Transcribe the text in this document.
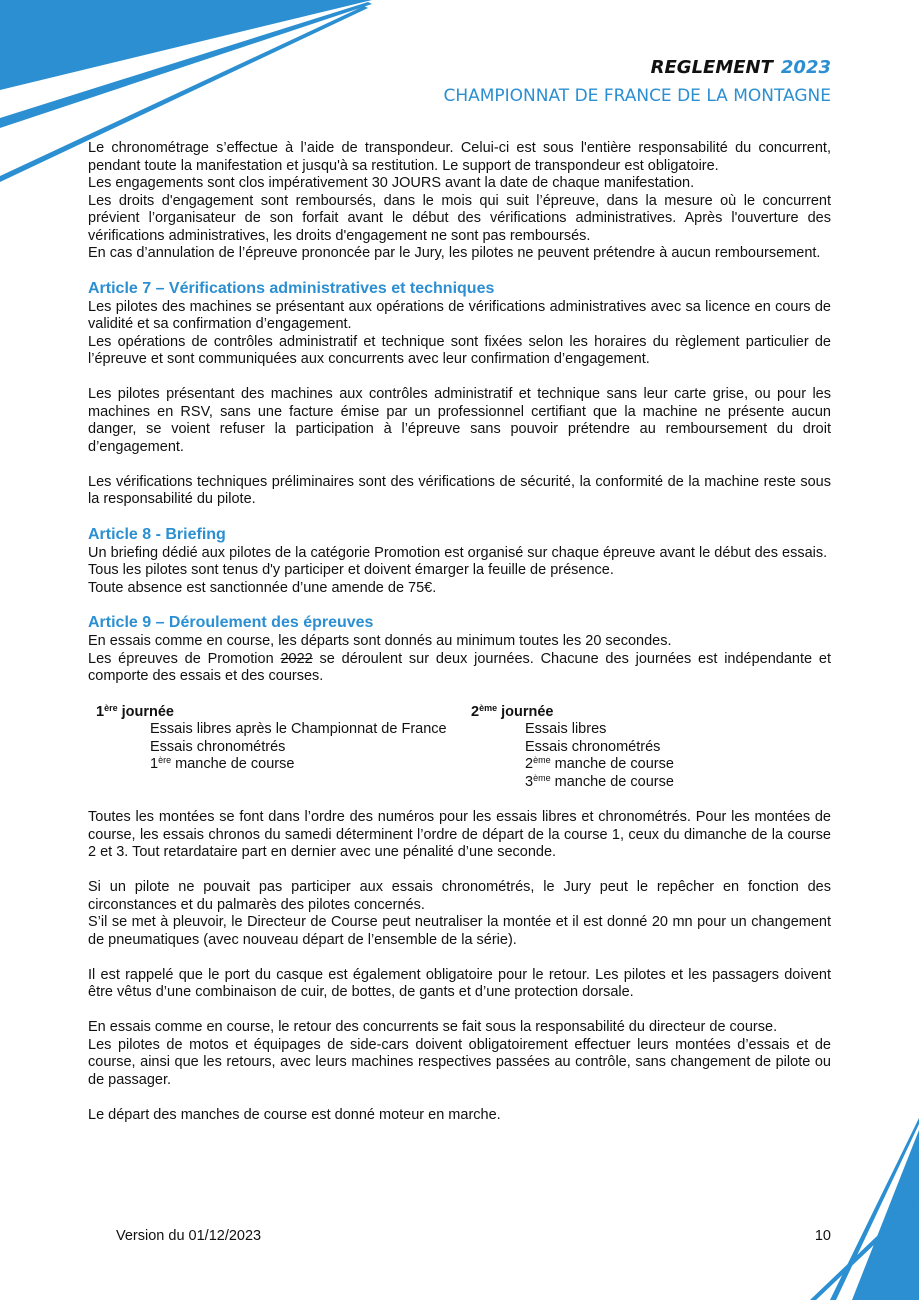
REGLEMENT 2023
CHAMPIONNAT DE FRANCE DE LA MONTAGNE

Le chronométrage s’effectue à l’aide de transpondeur. Celui-ci est sous l'entière responsabilité du concurrent, pendant toute la manifestation et jusqu'à sa restitution. Le support de transpondeur est obligatoire.

Les engagements sont clos impérativement 30 JOURS avant la date de chaque manifestation.

Les droits d'engagement sont remboursés, dans le mois qui suit l’épreuve, dans la mesure où le concurrent prévient l’organisateur de son forfait avant le début des vérifications administratives. Après l'ouverture des vérifications administratives, les droits d'engagement ne sont pas remboursés.

En cas d’annulation de l’épreuve prononcée par le Jury, les pilotes ne peuvent prétendre à aucun remboursement.

Article 7 – Vérifications administratives et techniques

Les pilotes des machines se présentant aux opérations de vérifications administratives avec sa licence en cours de validité et sa confirmation d’engagement.

Les opérations de contrôles administratif et technique sont fixées selon les horaires du règlement particulier de l’épreuve et sont communiquées aux concurrents avec leur confirmation d’engagement.

Les pilotes présentant des machines aux contrôles administratif et technique sans leur carte grise, ou pour les machines en RSV, sans une facture émise par un professionnel certifiant que la machine ne présente aucun danger, se voient refuser la participation à l’épreuve sans pouvoir prétendre au remboursement du droit d’engagement.

Les vérifications techniques préliminaires sont des vérifications de sécurité, la conformité de la machine reste sous la responsabilité du pilote.

Article 8 - Briefing

Un briefing dédié aux pilotes de la catégorie Promotion est organisé sur chaque épreuve avant le début des essais.

Tous les pilotes sont tenus d'y participer et doivent émarger la feuille de présence.

Toute absence est sanctionnée d’une amende de 75€.

Article 9 – Déroulement des épreuves

En essais comme en course, les départs sont donnés au minimum toutes les 20 secondes.

Les épreuves de Promotion 2022 se déroulent sur deux journées. Chacune des journées est indépendante et comporte des essais et des courses.

1ère journée
Essais libres après le Championnat de France
Essais chronométrés
1ère manche de course
2ème journée
Essais libres
Essais chronométrés
2ème manche de course
3ème manche de course

Toutes les montées se font dans l’ordre des numéros pour les essais libres et chronométrés. Pour les montées de course, les essais chronos du samedi déterminent l’ordre de départ de la course 1, ceux du dimanche de la course 2 et 3. Tout retardataire part en dernier avec une pénalité d’une seconde.

Si un pilote ne pouvait pas participer aux essais chronométrés, le Jury peut le repêcher en fonction des circonstances et du palmarès des pilotes concernés.

S’il se met à pleuvoir, le Directeur de Course peut neutraliser la montée et il est donné 20 mn pour un changement de pneumatiques (avec nouveau départ de l’ensemble de la série).

Il est rappelé que le port du casque est également obligatoire pour le retour. Les pilotes et les passagers doivent être vêtus d’une combinaison de cuir, de bottes, de gants et d’une protection dorsale.

En essais comme en course, le retour des concurrents se fait sous la responsabilité du directeur de course.

Les pilotes de motos et équipages de side-cars doivent obligatoirement effectuer leurs montées d’essais et de course, ainsi que les retours, avec leurs machines respectives passées au contrôle, sans changement de pilote ou de passager.

Le départ des manches de course est donné moteur en marche.

Version du 01/12/2023	10
